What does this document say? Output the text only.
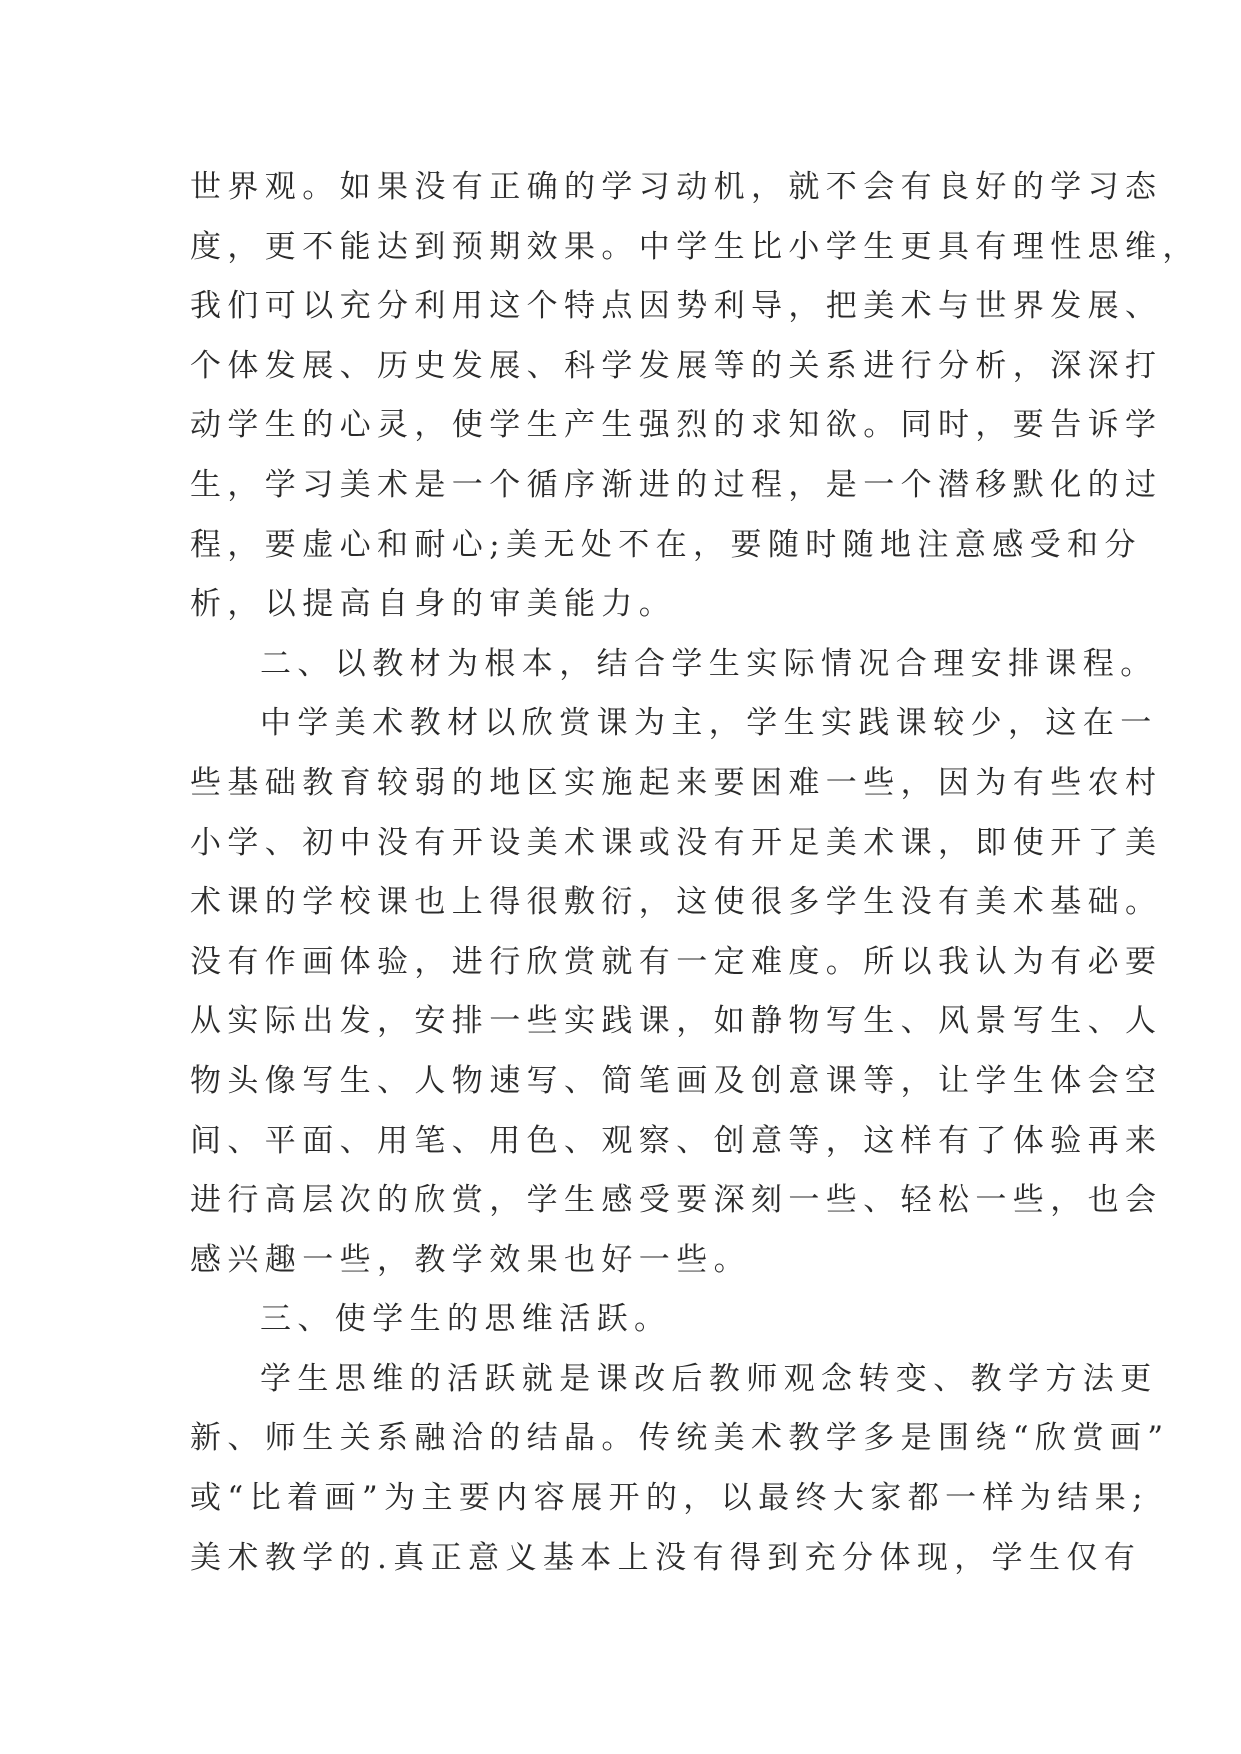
世界观。如果没有正确的学习动机，就不会有良好的学习态
度，更不能达到预期效果。中学生比小学生更具有理性思维，
我们可以充分利用这个特点因势利导，把美术与世界发展、
个体发展、历史发展、科学发展等的关系进行分析，深深打
动学生的心灵，使学生产生强烈的求知欲。同时，要告诉学
生，学习美术是一个循序渐进的过程，是一个潜移默化的过
程，要虚心和耐心;美无处不在，要随时随地注意感受和分
析，以提高自身的审美能力。
二、以教材为根本，结合学生实际情况合理安排课程。
中学美术教材以欣赏课为主，学生实践课较少，这在一
些基础教育较弱的地区实施起来要困难一些，因为有些农村
小学、初中没有开设美术课或没有开足美术课，即使开了美
术课的学校课也上得很敷衍，这使很多学生没有美术基础。
没有作画体验，进行欣赏就有一定难度。所以我认为有必要
从实际出发，安排一些实践课，如静物写生、风景写生、人
物头像写生、人物速写、简笔画及创意课等，让学生体会空
间、平面、用笔、用色、观察、创意等，这样有了体验再来
进行高层次的欣赏，学生感受要深刻一些、轻松一些，也会
感兴趣一些，教学效果也好一些。
三、使学生的思维活跃。
学生思维的活跃就是课改后教师观念转变、教学方法更
新、师生关系融洽的结晶。传统美术教学多是围绕“欣赏画”
或“比着画”为主要内容展开的，以最终大家都一样为结果;
美术教学的.真正意义基本上没有得到充分体现，学生仅有
